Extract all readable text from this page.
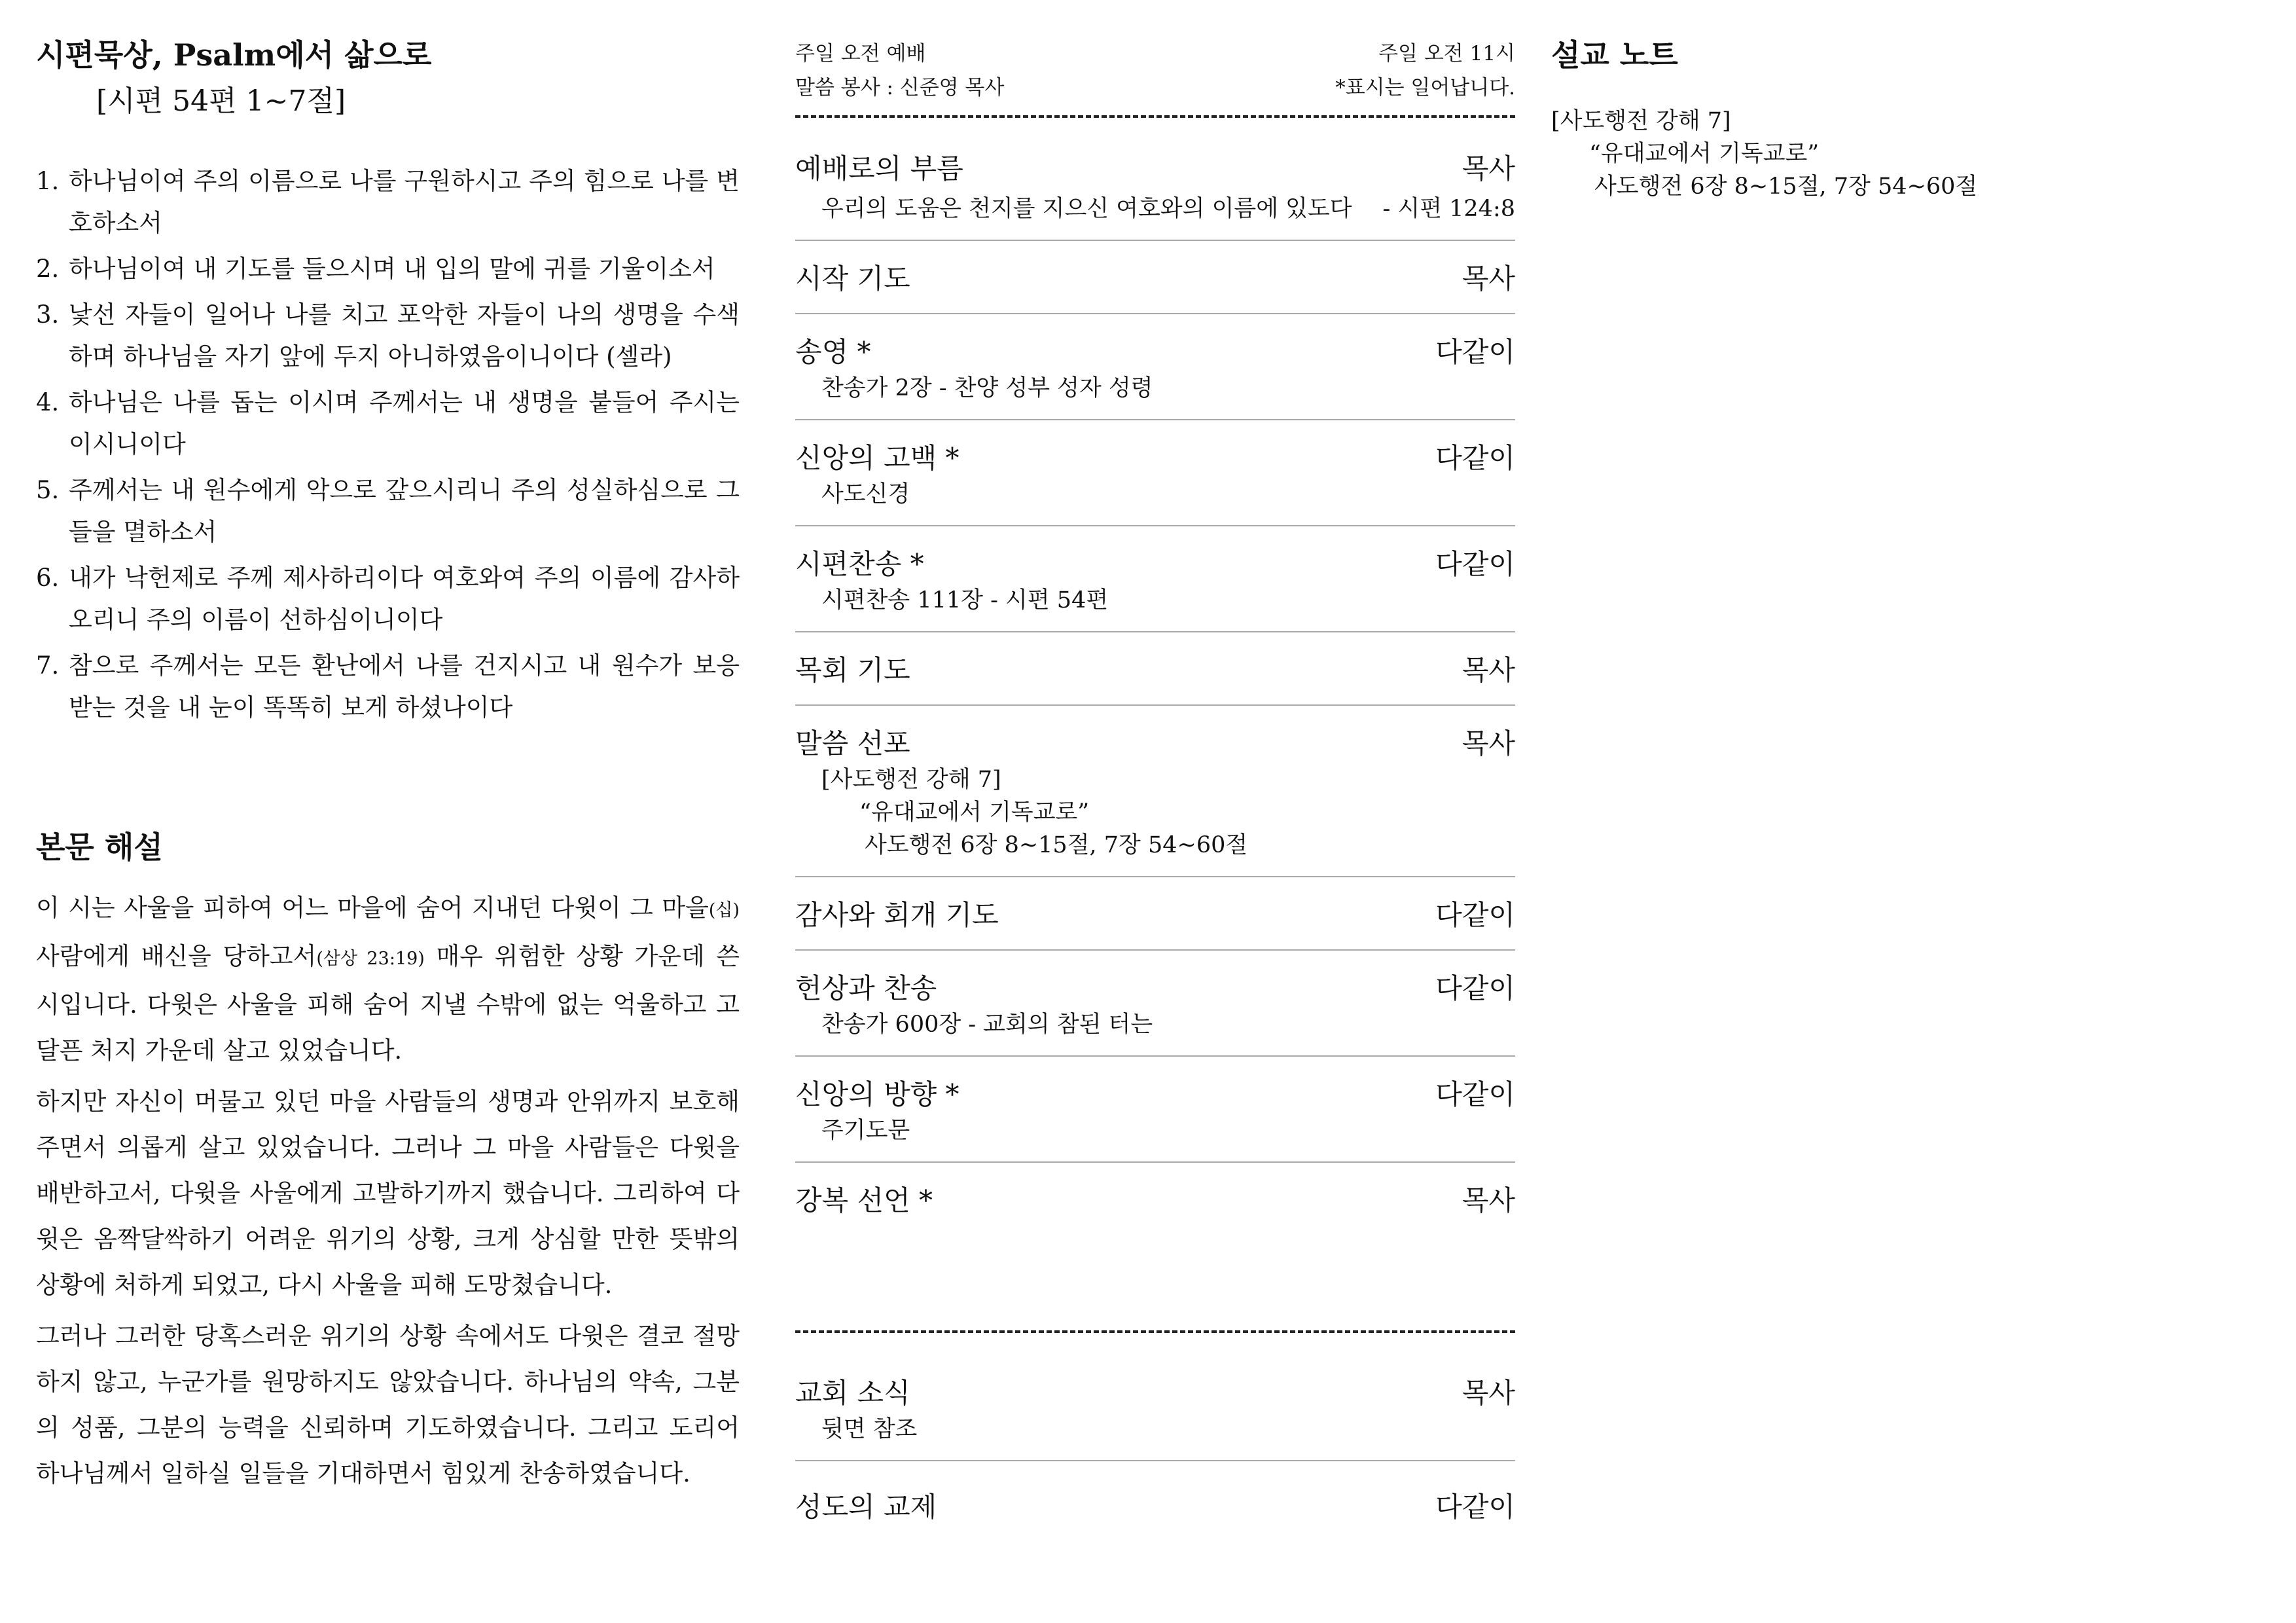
시편묵상, Psalm에서 삶으로
[시편 54편 1~7절]
1. 하나님이여 주의 이름으로 나를 구원하시고 주의 힘으로 나를 변호하소서
2. 하나님이여 내 기도를 들으시며 내 입의 말에 귀를 기울이소서
3. 낯선 자들이 일어나 나를 치고 포악한 자들이 나의 생명을 수색하며 하나님을 자기 앞에 두지 아니하였음이니이다 (셀라)
4. 하나님은 나를 돕는 이시며 주께서는 내 생명을 붙들어 주시는 이시니이다
5. 주께서는 내 원수에게 악으로 갚으시리니 주의 성실하심으로 그들을 멸하소서
6. 내가 낙헌제로 주께 제사하리이다 여호와여 주의 이름에 감사하오리니 주의 이름이 선하심이니이다
7. 참으로 주께서는 모든 환난에서 나를 건지시고 내 원수가 보응 받는 것을 내 눈이 똑똑히 보게 하셨나이다
본문 해설

이 시는 사울을 피하여 어느 마을에 숨어 지내던 다윗이 그 마을(십) 사람에게 배신을 당하고서(삼상 23:19) 매우 위험한 상황 가운데 쓴 시입니다. 다윗은 사울을 피해 숨어 지낼 수밖에 없는 억울하고 고달픈 처지 가운데 살고 있었습니다.

하지만 자신이 머물고 있던 마을 사람들의 생명과 안위까지 보호해주면서 의롭게 살고 있었습니다. 그러나 그 마을 사람들은 다윗을 배반하고서, 다윗을 사울에게 고발하기까지 했습니다. 그리하여 다윗은 옴짝달싹하기 어려운 위기의 상황, 크게 상심할 만한 뜻밖의 상황에 처하게 되었고, 다시 사울을 피해 도망쳤습니다.

그러나 그러한 당혹스러운 위기의 상황 속에서도 다윗은 결코 절망하지 않고, 누군가를 원망하지도 않았습니다. 하나님의 약속, 그분의 성품, 그분의 능력을 신뢰하며 기도하였습니다. 그리고 도리어 하나님께서 일하실 일들을 기대하면서 힘있게 찬송하였습니다.

주일 오전 예배	주일 오전 11시
말씀 봉사 : 신준영 목사	*표시는 일어납니다.
예배로의 부름	목사
우리의 도움은 천지를 지으신 여호와의 이름에 있도다 - 시편 124:8
시작 기도	목사
송영 *	다같이
찬송가 2장 - 찬양 성부 성자 성령
신앙의 고백 *	다같이
사도신경
시편찬송 *	다같이
시편찬송 111장 - 시편 54편
목회 기도	목사
말씀 선포	목사
[사도행전 강해 7]
“유대교에서 기독교로”
사도행전 6장 8~15절, 7장 54~60절
감사와 회개 기도	다같이
헌상과 찬송	다같이
찬송가 600장 - 교회의 참된 터는
신앙의 방향 *	다같이
주기도문
강복 선언 *	목사
교회 소식	목사
뒷면 참조
성도의 교제	다같이
설교 노트
[사도행전 강해 7]
“유대교에서 기독교로”
사도행전 6장 8~15절, 7장 54~60절
